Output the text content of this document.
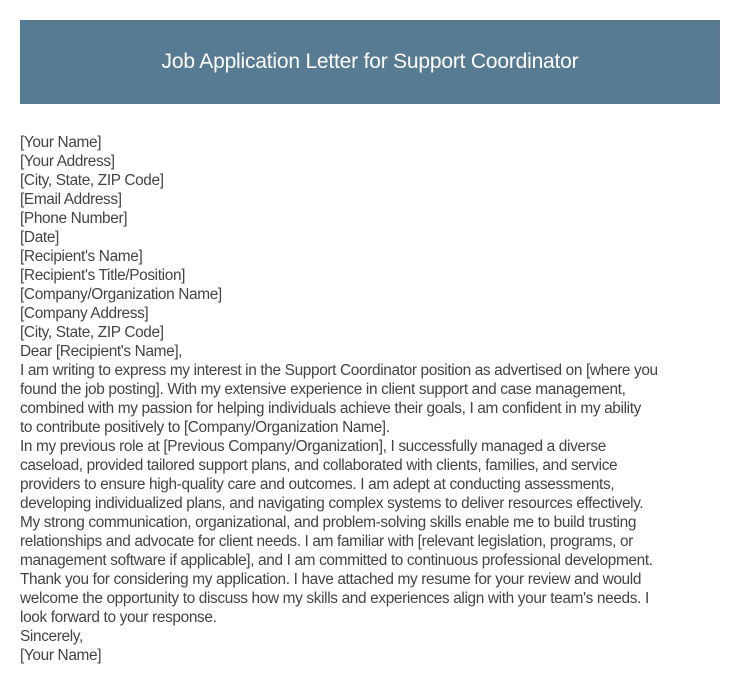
Job Application Letter for Support Coordinator
[Your Name]
[Your Address]
[City, State, ZIP Code]
[Email Address]
[Phone Number]
[Date]
[Recipient's Name]
[Recipient's Title/Position]
[Company/Organization Name]
[Company Address]
[City, State, ZIP Code]
Dear [Recipient's Name],
I am writing to express my interest in the Support Coordinator position as advertised on [where you
found the job posting]. With my extensive experience in client support and case management,
combined with my passion for helping individuals achieve their goals, I am confident in my ability
to contribute positively to [Company/Organization Name].
In my previous role at [Previous Company/Organization], I successfully managed a diverse
caseload, provided tailored support plans, and collaborated with clients, families, and service
providers to ensure high-quality care and outcomes. I am adept at conducting assessments,
developing individualized plans, and navigating complex systems to deliver resources effectively.
My strong communication, organizational, and problem-solving skills enable me to build trusting
relationships and advocate for client needs. I am familiar with [relevant legislation, programs, or
management software if applicable], and I am committed to continuous professional development.
Thank you for considering my application. I have attached my resume for your review and would
welcome the opportunity to discuss how my skills and experiences align with your team's needs. I
look forward to your response.
Sincerely,
[Your Name]
